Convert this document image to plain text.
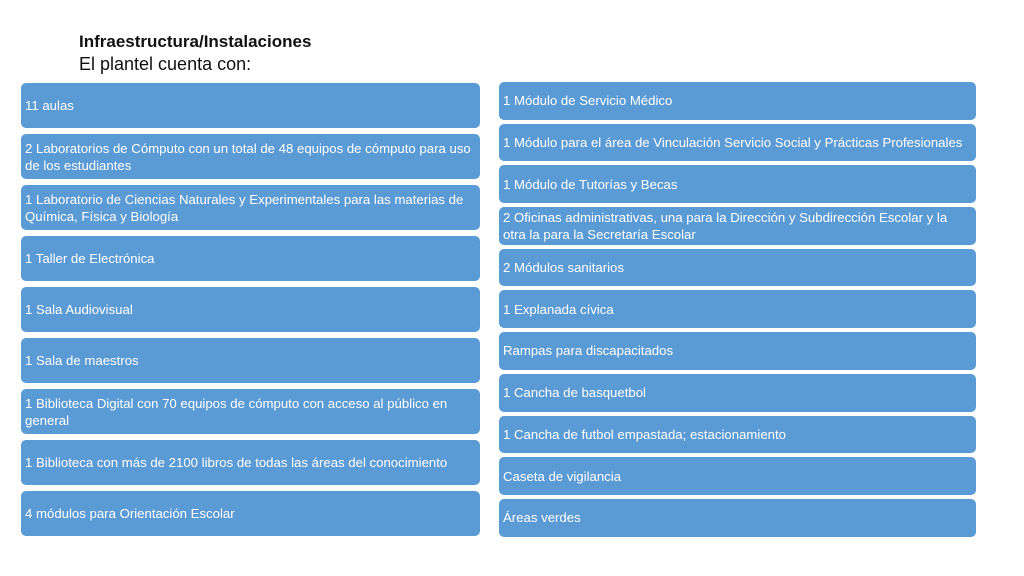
Infraestructura/Instalaciones
El plantel cuenta con:
11 aulas
2 Laboratorios de Cómputo con un total de 48 equipos de cómputo para uso de los estudiantes
1 Laboratorio de Ciencias Naturales y Experimentales para las materias de Química, Física y Biología
1 Taller de Electrónica
1 Sala Audiovisual
1 Sala de maestros
1 Biblioteca Digital con 70 equipos de cómputo con acceso al público en general
1 Biblioteca con más de 2100 libros de todas las áreas del conocimiento
4 módulos para Orientación Escolar
1 Módulo de Servicio Médico
1 Módulo para el área de Vinculación Servicio Social y Prácticas Profesionales
1 Módulo de Tutorías y Becas
2 Oficinas administrativas, una para la Dirección y Subdirección Escolar y la otra la para la Secretaría Escolar
2 Módulos sanitarios
1 Explanada cívica
Rampas para discapacitados
1 Cancha de basquetbol
1 Cancha de futbol empastada; estacionamiento
Caseta de vigilancia
Áreas verdes
